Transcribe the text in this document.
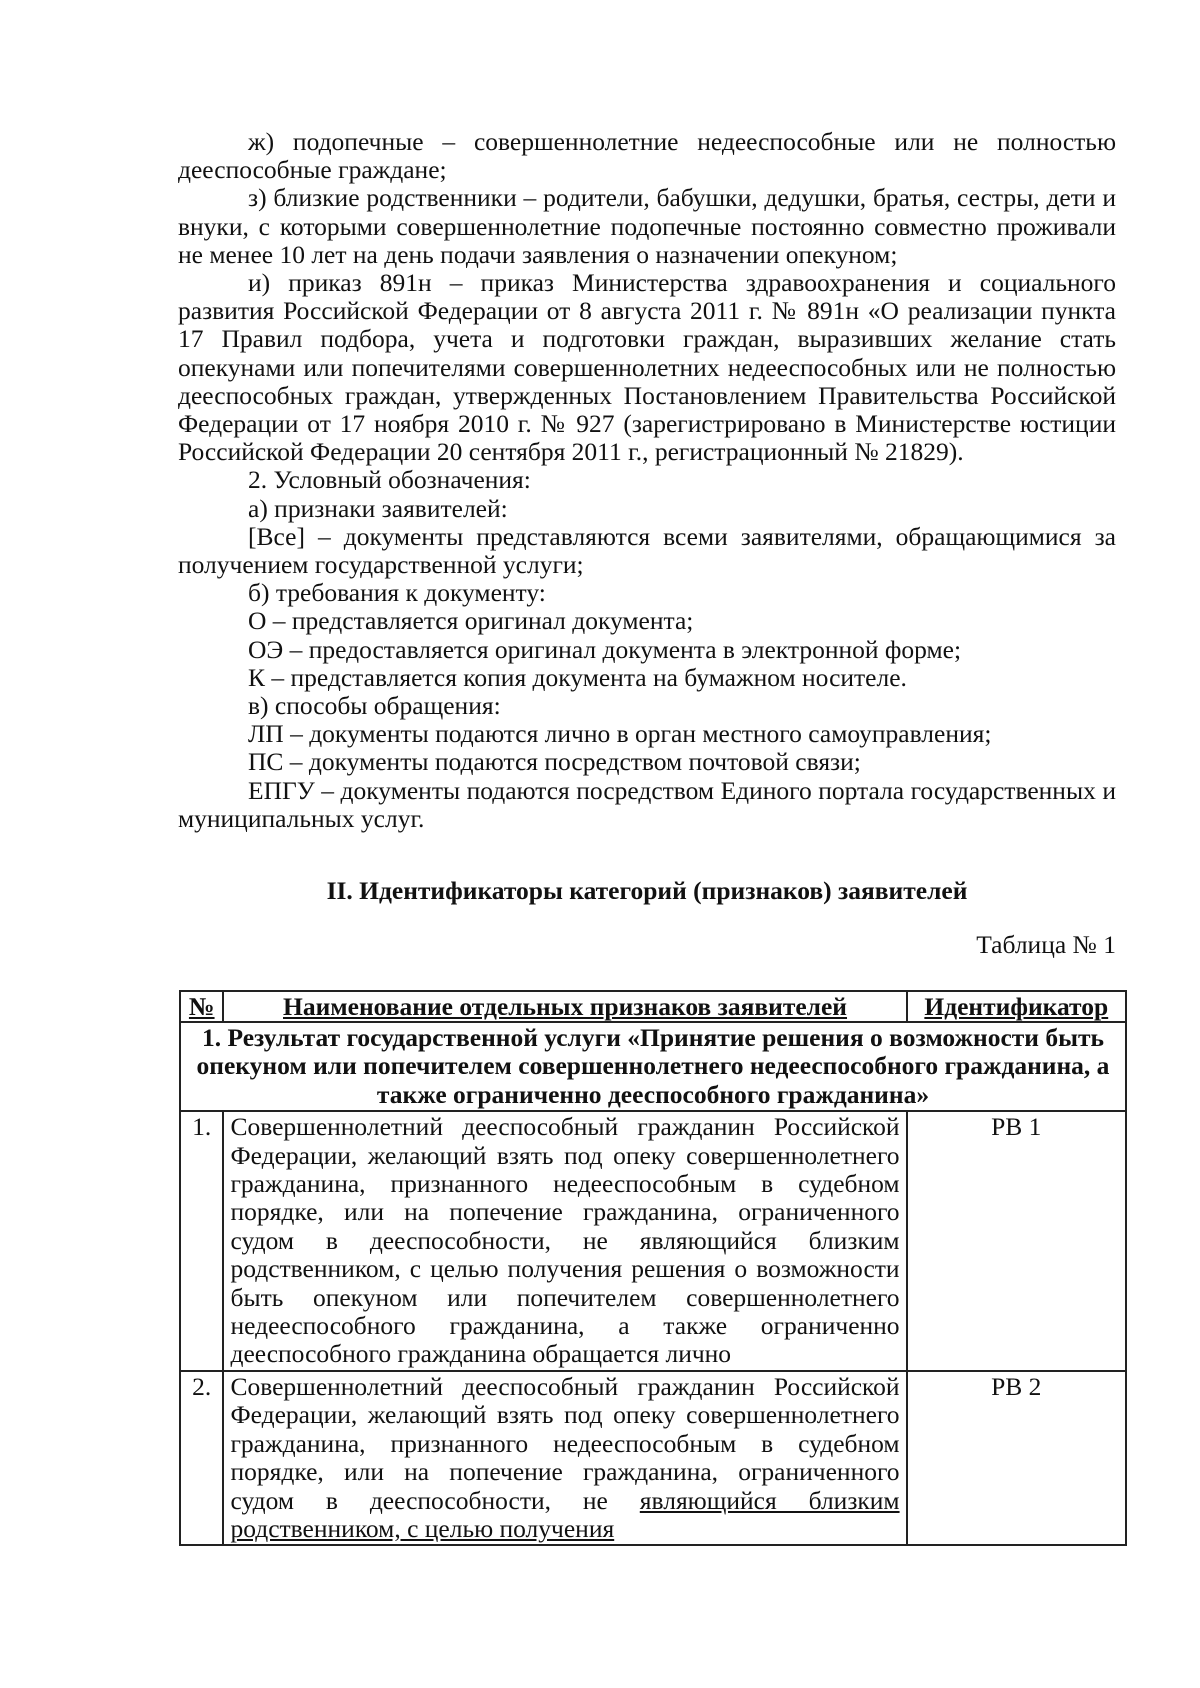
ж) подопечные – совершеннолетние недееспособные или не полностью дееспособные граждане;

з) близкие родственники – родители, бабушки, дедушки, братья, сестры, дети и внуки, с которыми совершеннолетние подопечные постоянно совместно проживали не менее 10 лет на день подачи заявления о назначении опекуном;

и) приказ 891н – приказ Министерства здравоохранения и социального развития Российской Федерации от 8 августа 2011 г. № 891н «О реализации пункта 17 Правил подбора, учета и подготовки граждан, выразивших желание стать опекунами или попечителями совершеннолетних недееспособных или не полностью дееспособных граждан, утвержденных Постановлением Правительства Российской Федерации от 17 ноября 2010 г. № 927 (зарегистрировано в Министерстве юстиции Российской Федерации 20 сентября 2011 г., регистрационный № 21829).

2. Условный обозначения:

а) признаки заявителей:

[Все] – документы представляются всеми заявителями, обращающимися за получением государственной услуги;

б) требования к документу:

О – представляется оригинал документа;

ОЭ – предоставляется оригинал документа в электронной форме;

К – представляется копия документа на бумажном носителе.

в) способы обращения:

ЛП – документы подаются лично в орган местного самоуправления;

ПС – документы подаются посредством почтовой связи;

ЕПГУ – документы подаются посредством Единого портала государственных и муниципальных услуг.

II. Идентификаторы категорий (признаков) заявителей
Таблица № 1
№	Наименование отдельных признаков заявителей	Идентификатор
1. Результат государственной услуги «Принятие решения о возможности быть опекуном или попечителем совершеннолетнего недееспособного гражданина, а также ограниченно дееспособного гражданина»		
1.	Совершеннолетний дееспособный гражданин Российской Федерации, желающий взять под опеку совершеннолетнего гражданина, признанного недееспособным в судебном порядке, или на попечение гражданина, ограниченного судом в дееспособности, не являющийся близким родственником, с целью получения решения о возможности быть опекуном или попечителем совершеннолетнего недееспособного гражданина, а также ограниченно дееспособного гражданина обращается лично	РВ 1
2.	Совершеннолетний дееспособный гражданин Российской Федерации, желающий взять под опеку совершеннолетнего гражданина, признанного недееспособным в судебном порядке, или на попечение гражданина, ограниченного судом в дееспособности, не являющийся близким родственником, с целью получения	РВ 2
